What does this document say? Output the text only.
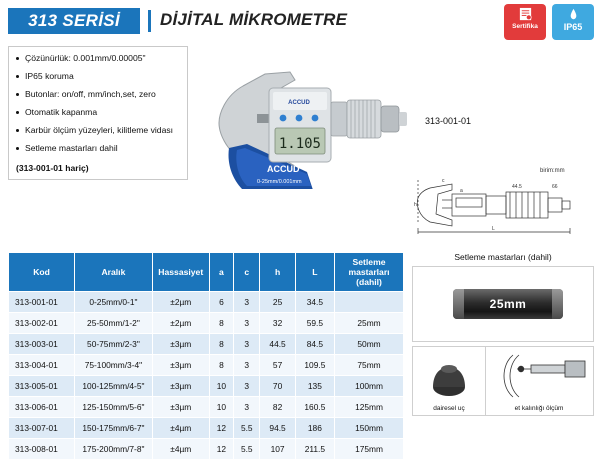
313 SERİSİ	DİJİTAL MİKROMETRE	Sertifika	IP65
Çözünürlük: 0.001mm/0.00005"
IP65 koruma
Butonlar: on/off, mm/inch,set, zero
Otomatik kapanma
Karbür ölçüm yüzeyleri, kilitleme vidası
Setleme mastarları dahil
(313-001-01 hariç)	ACCUD
0-25mm/0.001mm
ACCUD
1.105
313-001-01
birim:mm
L
h
44.5	66
c
a
Setleme mastarları (dahil)
25mm
dairesel uç	et kalınlığı ölçüm
Kod	Aralık	Hassasiyet	a	c	h	L	Setleme mastarları (dahil)
313-001-01	0-25mm/0-1"	±2µm	6	3	25	34.5	
313-002-01	25-50mm/1-2"	±2µm	8	3	32	59.5	25mm
313-003-01	50-75mm/2-3"	±3µm	8	3	44.5	84.5	50mm
313-004-01	75-100mm/3-4"	±3µm	8	3	57	109.5	75mm
313-005-01	100-125mm/4-5"	±3µm	10	3	70	135	100mm
313-006-01	125-150mm/5-6"	±3µm	10	3	82	160.5	125mm
313-007-01	150-175mm/6-7"	±4µm	12	5.5	94.5	186	150mm
313-008-01	175-200mm/7-8"	±4µm	12	5.5	107	211.5	175mm
